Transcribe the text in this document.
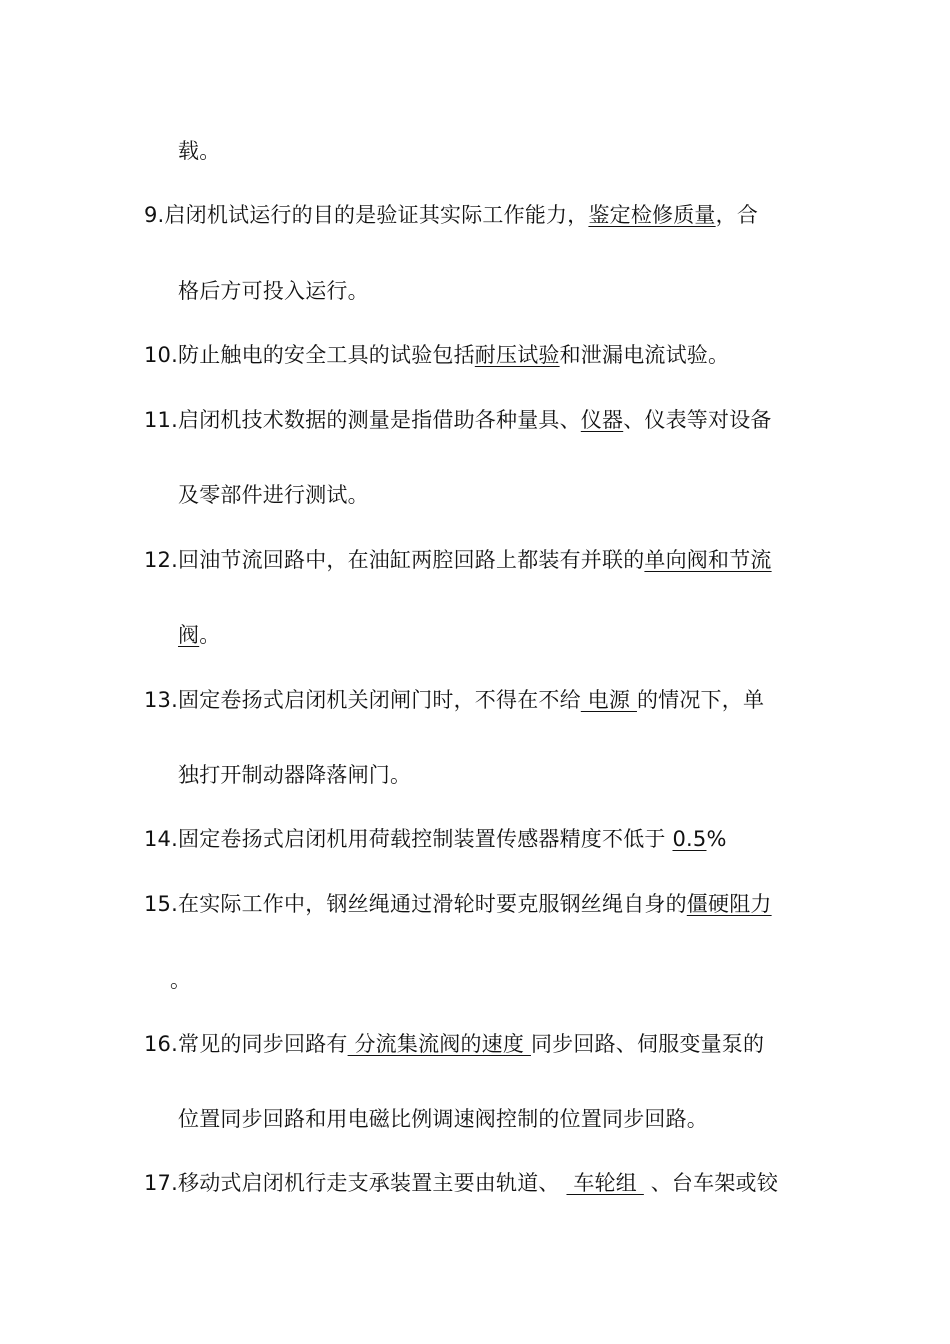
载。
9.启闭机试运行的目的是验证其实际工作能力，鉴定检修质量，合
格后方可投入运行。
10.防止触电的安全工具的试验包括耐压试验和泄漏电流试验。
11.启闭机技术数据的测量是指借助各种量具、仪器、仪表等对设备
及零部件进行测试。
12.回油节流回路中，在油缸两腔回路上都装有并联的单向阀和节流
阀。
13.固定卷扬式启闭机关闭闸门时，不得在不给 电源 的情况下，单
独打开制动器降落闸门。
14.固定卷扬式启闭机用荷载控制装置传感器精度不低于 0.5%
15.在实际工作中，钢丝绳通过滑轮时要克服钢丝绳自身的僵硬阻力
。
16.常见的同步回路有 分流集流阀的速度 同步回路、伺服变量泵的
位置同步回路和用电磁比例调速阀控制的位置同步回路。
17.移动式启闭机行走支承装置主要由轨道、  车轮组  、台车架或铰
